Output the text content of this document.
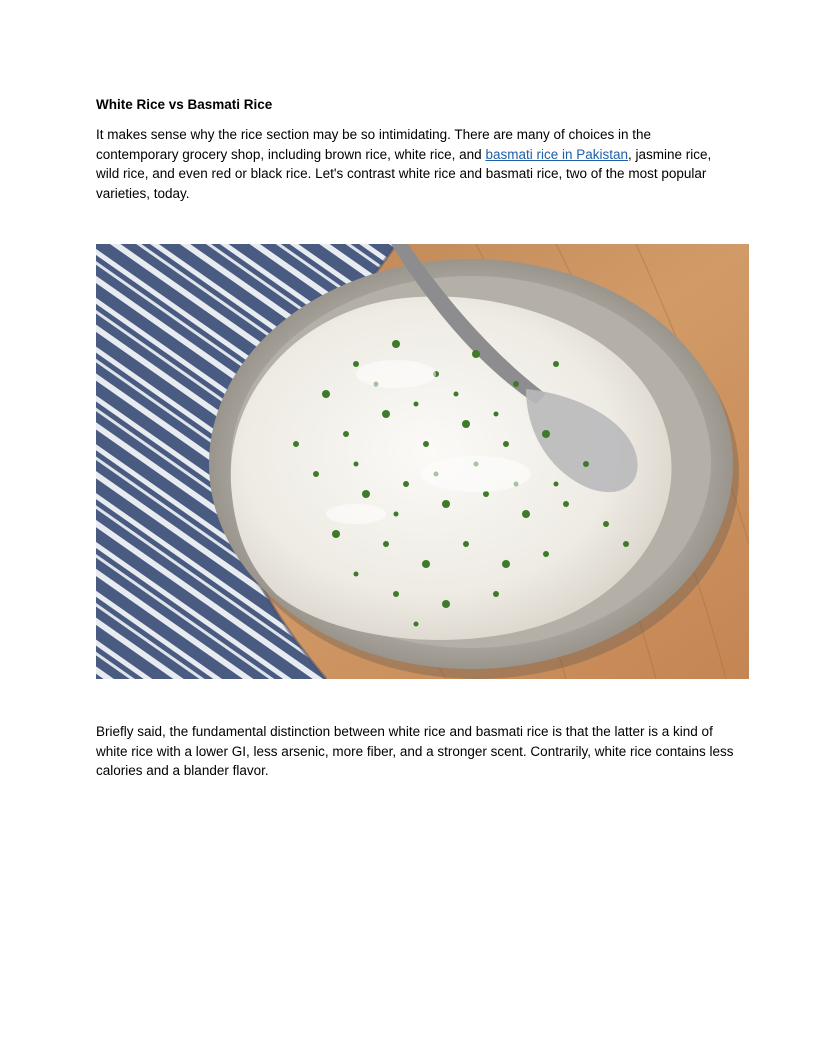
White Rice vs Basmati Rice

It makes sense why the rice section may be so intimidating. There are many of choices in the contemporary grocery shop, including brown rice, white rice, and basmati rice in Pakistan, jasmine rice, wild rice, and even red or black rice. Let's contrast white rice and basmati rice, two of the most popular varieties, today.

Briefly said, the fundamental distinction between white rice and basmati rice is that the latter is a kind of white rice with a lower GI, less arsenic, more fiber, and a stronger scent. Contrarily, white rice contains less calories and a blander flavor.
